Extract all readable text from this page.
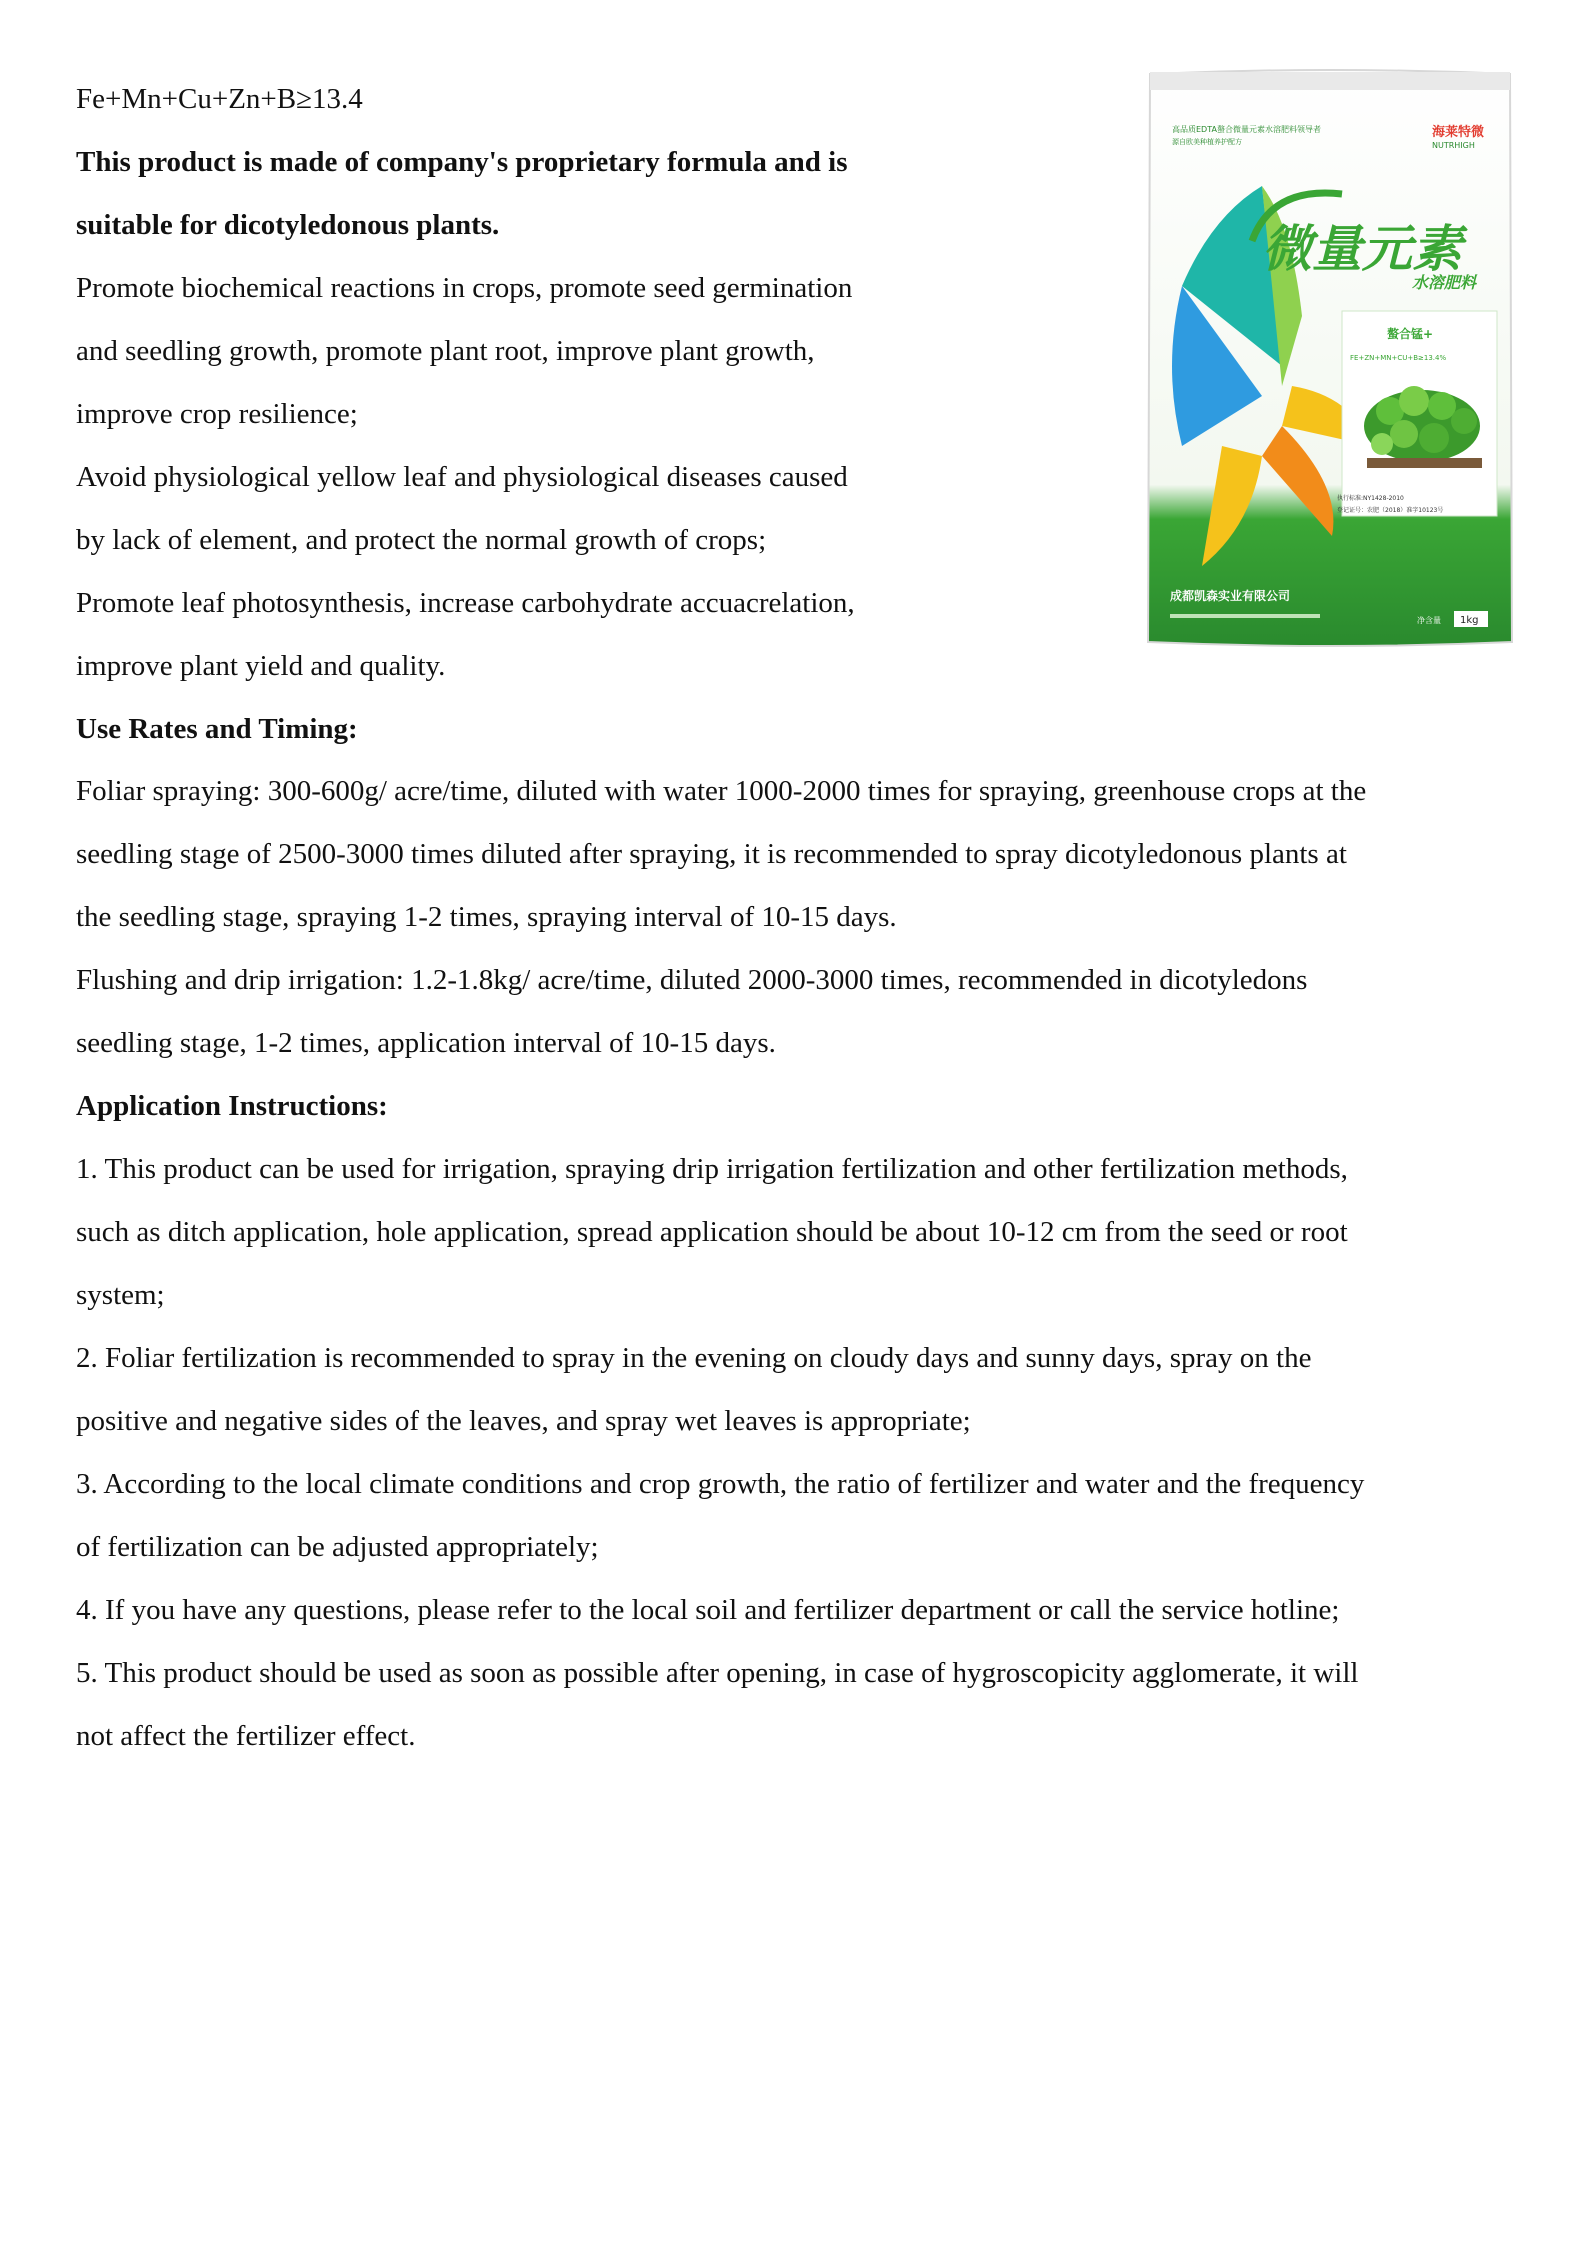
Fe+Mn+Cu+Zn+B≥13.4

This product is made of company's proprietary formula and is

suitable for dicotyledonous plants.

Promote biochemical reactions in crops, promote seed germination

and seedling growth, promote plant root, improve plant growth,

improve crop resilience;

Avoid physiological yellow leaf and physiological diseases caused

by lack of element, and protect the normal growth of crops;

Promote leaf photosynthesis, increase carbohydrate accuacrelation,

improve plant yield and quality.

Use Rates and Timing:

高品质EDTA螯合微量元素水溶肥料领导者
源自欧美种植养护配方
海莱特微
NUTRHIGH
微量元素
水溶肥料
螯合锰+
FE+ZN+MN+CU+B≥13.4%
执行标准:NY1428-2010
登记证号：农肥（2018）准字10123号
成都凯森实业有限公司
净含量 1kg

Foliar spraying: 300-600g/ acre/time, diluted with water 1000-2000 times for spraying, greenhouse crops at the

seedling stage of 2500-3000 times diluted after spraying, it is recommended to spray dicotyledonous plants at

the seedling stage, spraying 1-2 times, spraying interval of 10-15 days.

Flushing and drip irrigation: 1.2-1.8kg/ acre/time, diluted 2000-3000 times, recommended in dicotyledons

seedling stage, 1-2 times, application interval of 10-15 days.

Application Instructions:

1. This product can be used for irrigation, spraying drip irrigation fertilization and other fertilization methods,

such as ditch application, hole application, spread application should be about 10-12 cm from the seed or root

system;

2. Foliar fertilization is recommended to spray in the evening on cloudy days and sunny days, spray on the

positive and negative sides of the leaves, and spray wet leaves is appropriate;

3. According to the local climate conditions and crop growth, the ratio of fertilizer and water and the frequency

of fertilization can be adjusted appropriately;

4. If you have any questions, please refer to the local soil and fertilizer department or call the service hotline;

5. This product should be used as soon as possible after opening, in case of hygroscopicity agglomerate, it will

not affect the fertilizer effect.
